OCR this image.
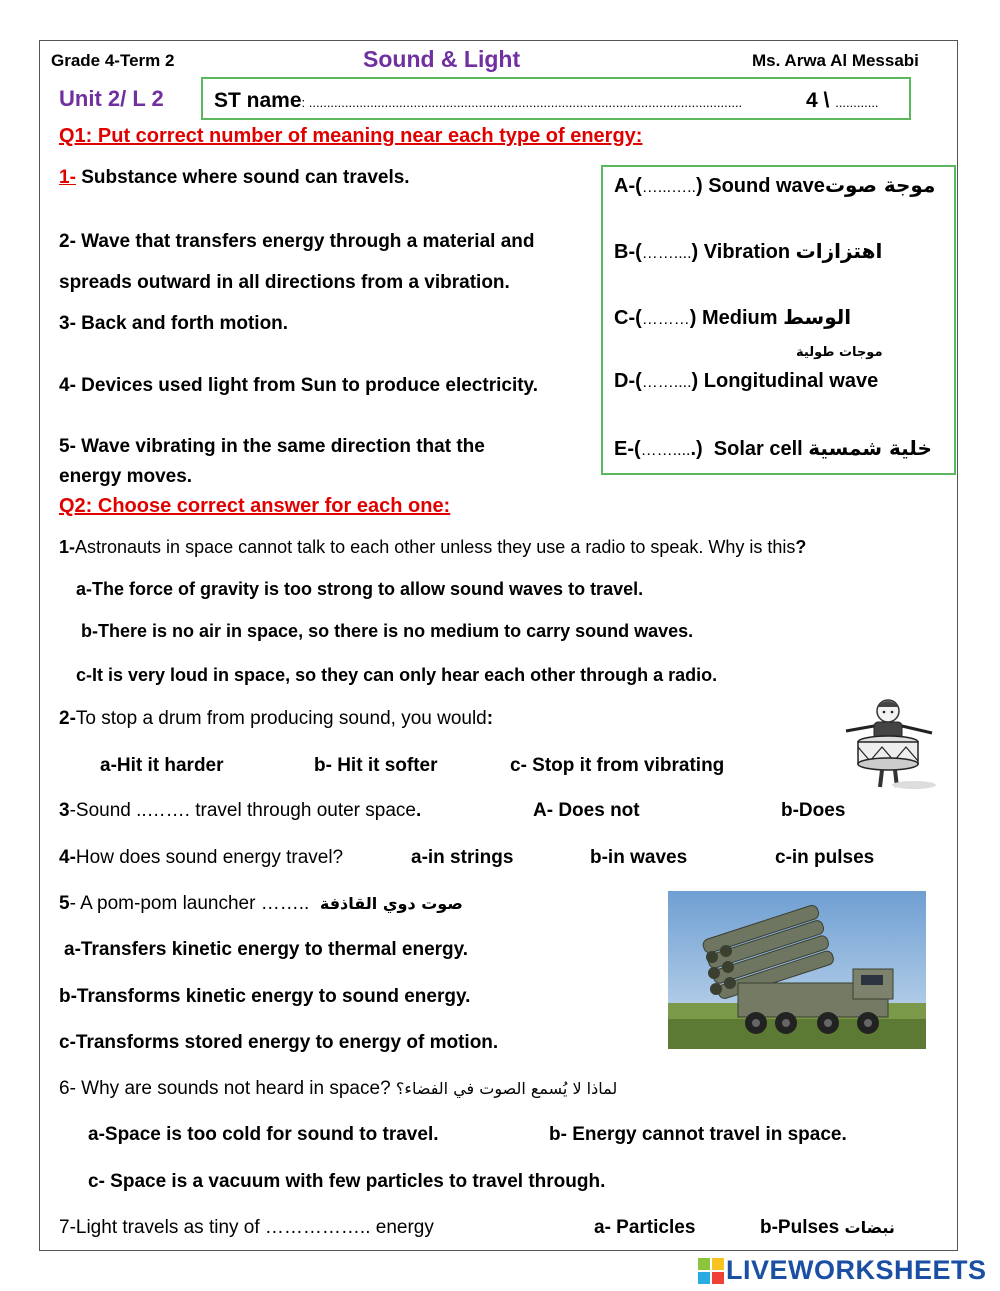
Grade 4-Term 2	Sound & Light	Ms. Arwa Al Messabi
Unit 2/ L 2 ST name: ........................................................................................................................	4 \ ............
Q1: Put correct number of meaning near each type of energy:
1- Substance where sound can travels.
2- Wave that transfers energy through a material and
spreads outward in all directions from a vibration.
3- Back and forth motion.
4- Devices used light from Sun to produce electricity.
5- Wave vibrating in the same direction that the
energy moves.
A-(…...…..) Sound waveموجة صوت
B-(……....) Vibration اهتزازات
C-(………) Medium الوسط
موجات طولية
D-(……....) Longitudinal wave
E-(…….....) Solar cell خلية شمسية
Q2: Choose correct answer for each one:
1-Astronauts in space cannot talk to each other unless they use a radio to speak. Why is this?
a-The force of gravity is too strong to allow sound waves to travel.
b-There is no air in space, so there is no medium to carry sound waves.
c-It is very loud in space, so they can only hear each other through a radio.
2-To stop a drum from producing sound, you would:
a-Hit it harder	b- Hit it softer	c- Stop it from vibrating
3-Sound ..……. travel through outer space.	A- Does not	b-Does
4-How does sound energy travel?	a-in strings	b-in waves	c-in pulses
5- A pom-pom launcher …….. صوت دوي القاذفة
a-Transfers kinetic energy to thermal energy.
b-Transforms kinetic energy to sound energy.
c-Transforms stored energy to energy of motion.
6- Why are sounds not heard in space? لماذا لا يُسمع الصوت في الفضاء؟
a-Space is too cold for sound to travel.	b- Energy cannot travel in space.
c- Space is a vacuum with few particles to travel through.
7-Light travels as tiny of …………….. energy	a- Particles	b-Pulses نبضات
LIVEWORKSHEETS
